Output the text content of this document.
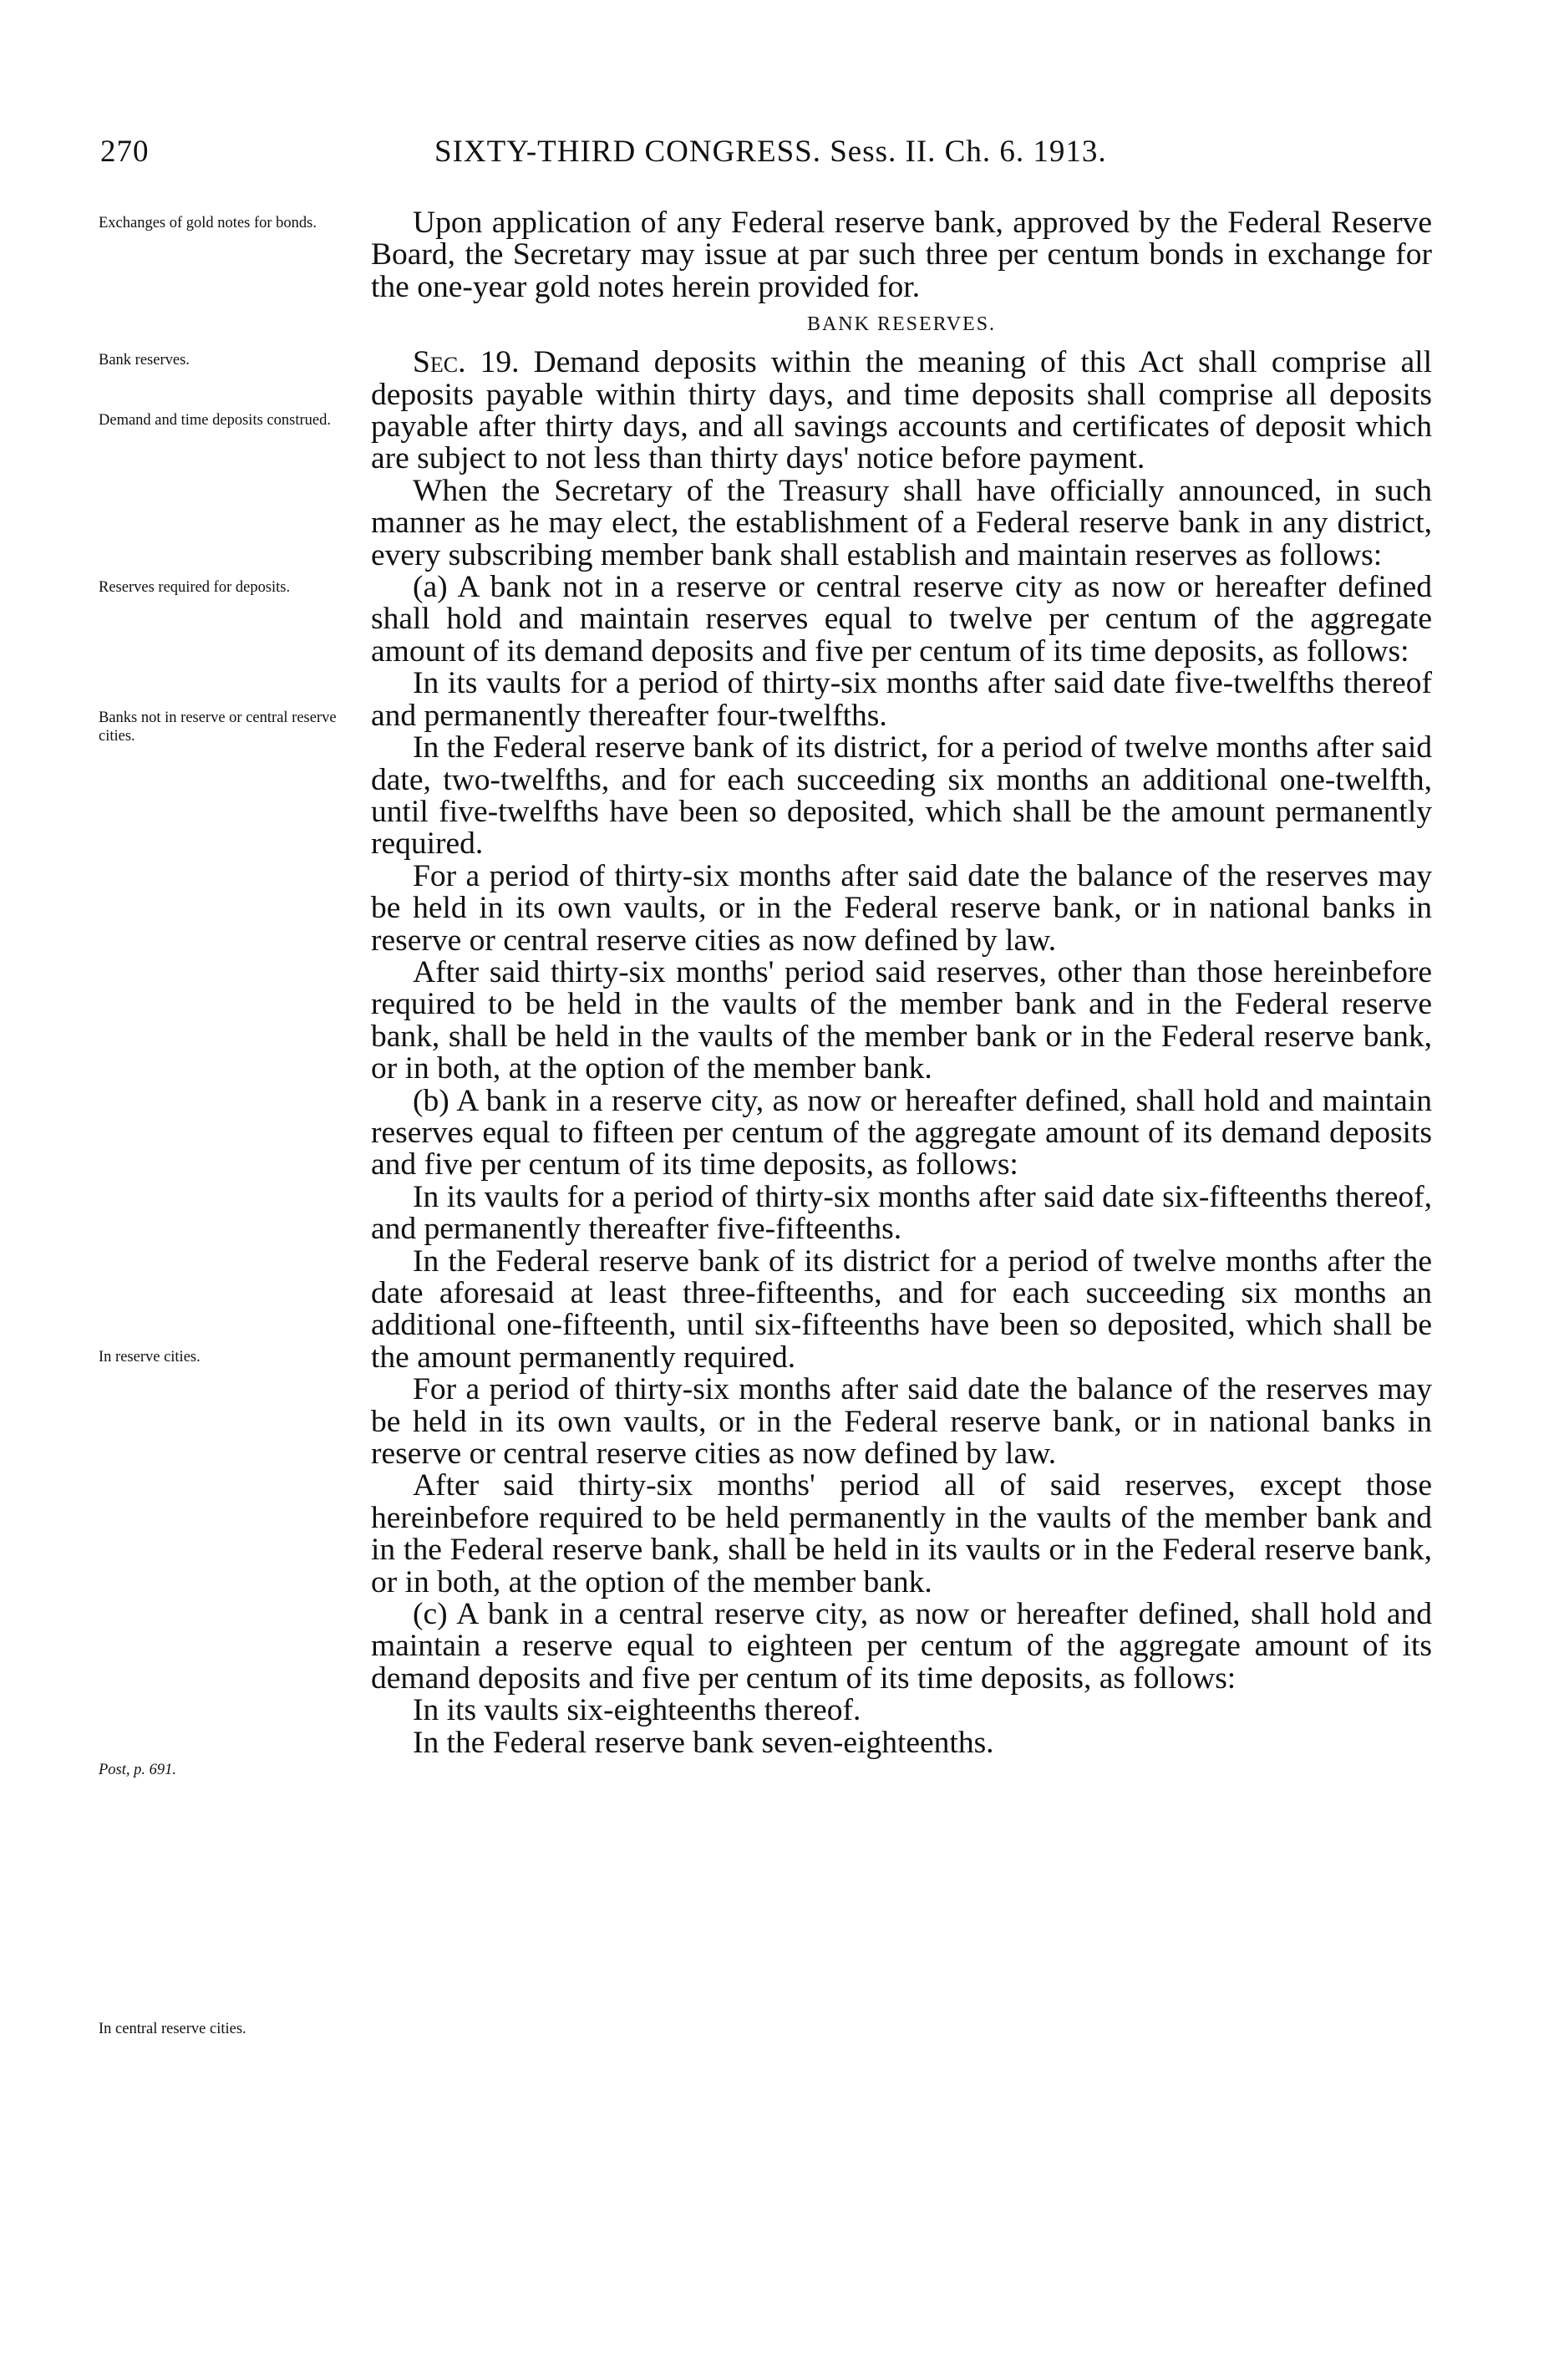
270	SIXTY-THIRD CONGRESS. Sess. II. Ch. 6. 1913.
Exchanges of gold notes for bonds.
Bank reserves.
Demand and time deposits construed.
Reserves required for deposits.
Banks not in reserve or central reserve cities.
In reserve cities.
Post, p. 691.
In central reserve cities.

Upon application of any Federal reserve bank, approved by the Federal Reserve Board, the Secretary may issue at par such three per centum bonds in exchange for the one-year gold notes herein provided for.

BANK RESERVES.

Sec. 19. Demand deposits within the meaning of this Act shall comprise all deposits payable within thirty days, and time deposits shall comprise all deposits payable after thirty days, and all savings accounts and certificates of deposit which are subject to not less than thirty days' notice before payment.

When the Secretary of the Treasury shall have officially announced, in such manner as he may elect, the establishment of a Federal reserve bank in any district, every subscribing member bank shall establish and maintain reserves as follows:

(a) A bank not in a reserve or central reserve city as now or hereafter defined shall hold and maintain reserves equal to twelve per centum of the aggregate amount of its demand deposits and five per centum of its time deposits, as follows:

In its vaults for a period of thirty-six months after said date five-twelfths thereof and permanently thereafter four-twelfths.

In the Federal reserve bank of its district, for a period of twelve months after said date, two-twelfths, and for each succeeding six months an additional one-twelfth, until five-twelfths have been so deposited, which shall be the amount permanently required.

For a period of thirty-six months after said date the balance of the reserves may be held in its own vaults, or in the Federal reserve bank, or in national banks in reserve or central reserve cities as now defined by law.

After said thirty-six months' period said reserves, other than those hereinbefore required to be held in the vaults of the member bank and in the Federal reserve bank, shall be held in the vaults of the member bank or in the Federal reserve bank, or in both, at the option of the member bank.

(b) A bank in a reserve city, as now or hereafter defined, shall hold and maintain reserves equal to fifteen per centum of the aggregate amount of its demand deposits and five per centum of its time deposits, as follows:

In its vaults for a period of thirty-six months after said date six-fifteenths thereof, and permanently thereafter five-fifteenths.

In the Federal reserve bank of its district for a period of twelve months after the date aforesaid at least three-fifteenths, and for each succeeding six months an additional one-fifteenth, until six-fifteenths have been so deposited, which shall be the amount permanently required.

For a period of thirty-six months after said date the balance of the reserves may be held in its own vaults, or in the Federal reserve bank, or in national banks in reserve or central reserve cities as now defined by law.

After said thirty-six months' period all of said reserves, except those hereinbefore required to be held permanently in the vaults of the member bank and in the Federal reserve bank, shall be held in its vaults or in the Federal reserve bank, or in both, at the option of the member bank.

(c) A bank in a central reserve city, as now or hereafter defined, shall hold and maintain a reserve equal to eighteen per centum of the aggregate amount of its demand deposits and five per centum of its time deposits, as follows:

In its vaults six-eighteenths thereof.

In the Federal reserve bank seven-eighteenths.
